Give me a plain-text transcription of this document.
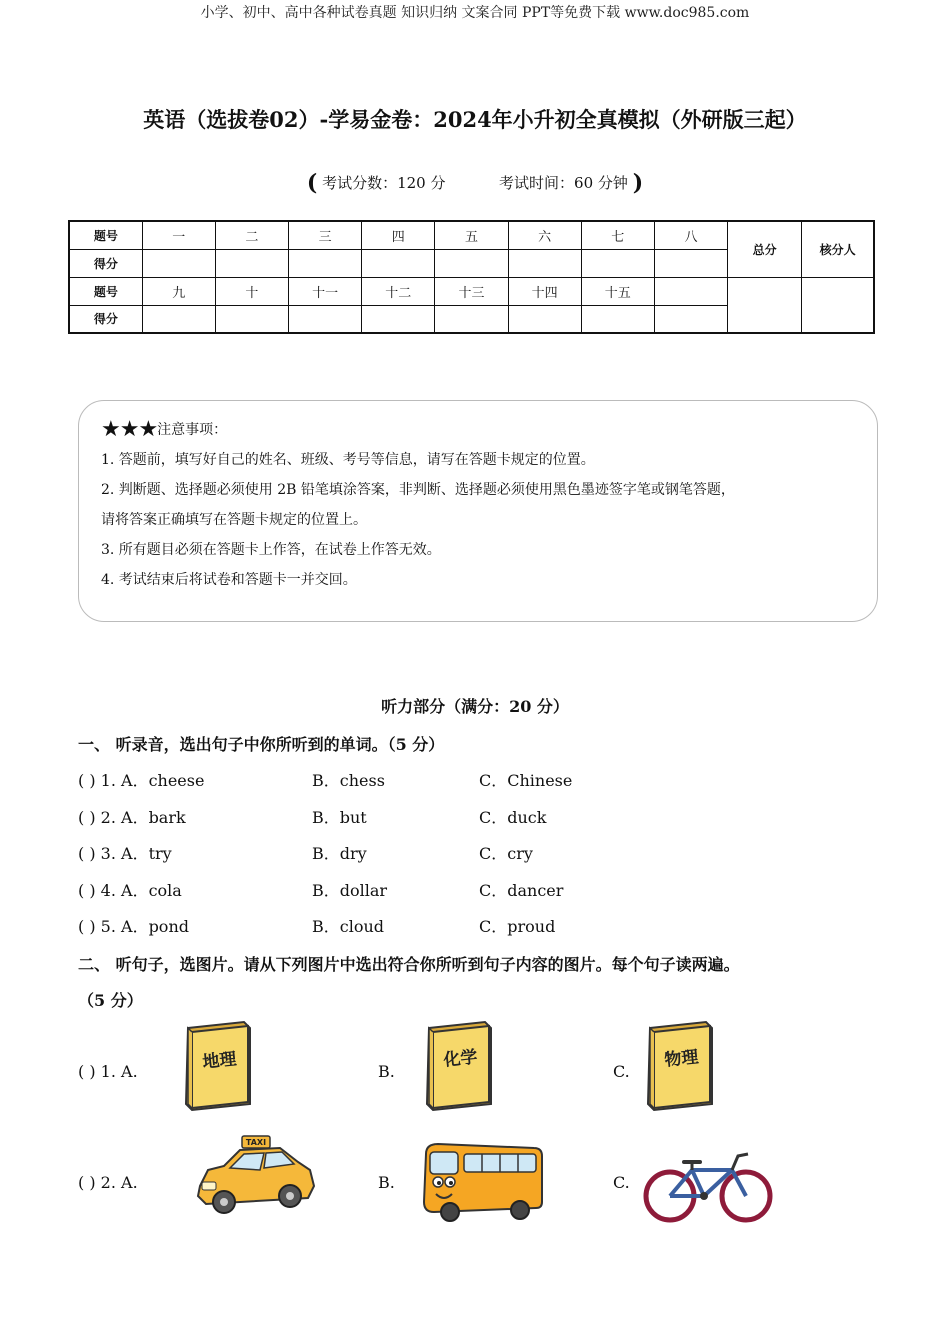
小学、初中、高中各种试卷真题 知识归纳 文案合同 PPT等免费下载 www.doc985.com
英语（选拔卷02）-学易金卷：2024年小升初全真模拟（外研版三起）
( 考试分数：120 分	考试时间：60 分钟 )
题号	一	二	三	四	五	六	七	八	总分	核分人
得分										
题号	九	十	十一	十二	十三	十四	十五			
得分										
★★★注意事项：
1. 答题前，填写好自己的姓名、班级、考号等信息，请写在答题卡规定的位置。
2. 判断题、选择题必须使用 2B 铅笔填涂答案，非判断、选择题必须使用黑色墨迹签字笔或钢笔答题，
请将答案正确填写在答题卡规定的位置上。
3. 所有题目必须在答题卡上作答，在试卷上作答无效。
4. 考试结束后将试卷和答题卡一并交回。
听力部分（满分：20 分）
一、 听录音，选出句子中你所听到的单词。（5 分）
( ) 1. A．cheese	B．chess	C．Chinese
( ) 2. A．bark	B．but	C．duck
( ) 3. A．try	B．dry	C．cry
( ) 4. A．cola	B．dollar	C．dancer
( ) 5. A．pond	B．cloud	C．proud
二、 听句子，选图片。请从下列图片中选出符合你所听到句子内容的图片。每个句子读两遍。
（5 分）
( ) 1. A.	B.	C.
地理	化学	物理
( ) 2. A.	B.	C.
TAXI
